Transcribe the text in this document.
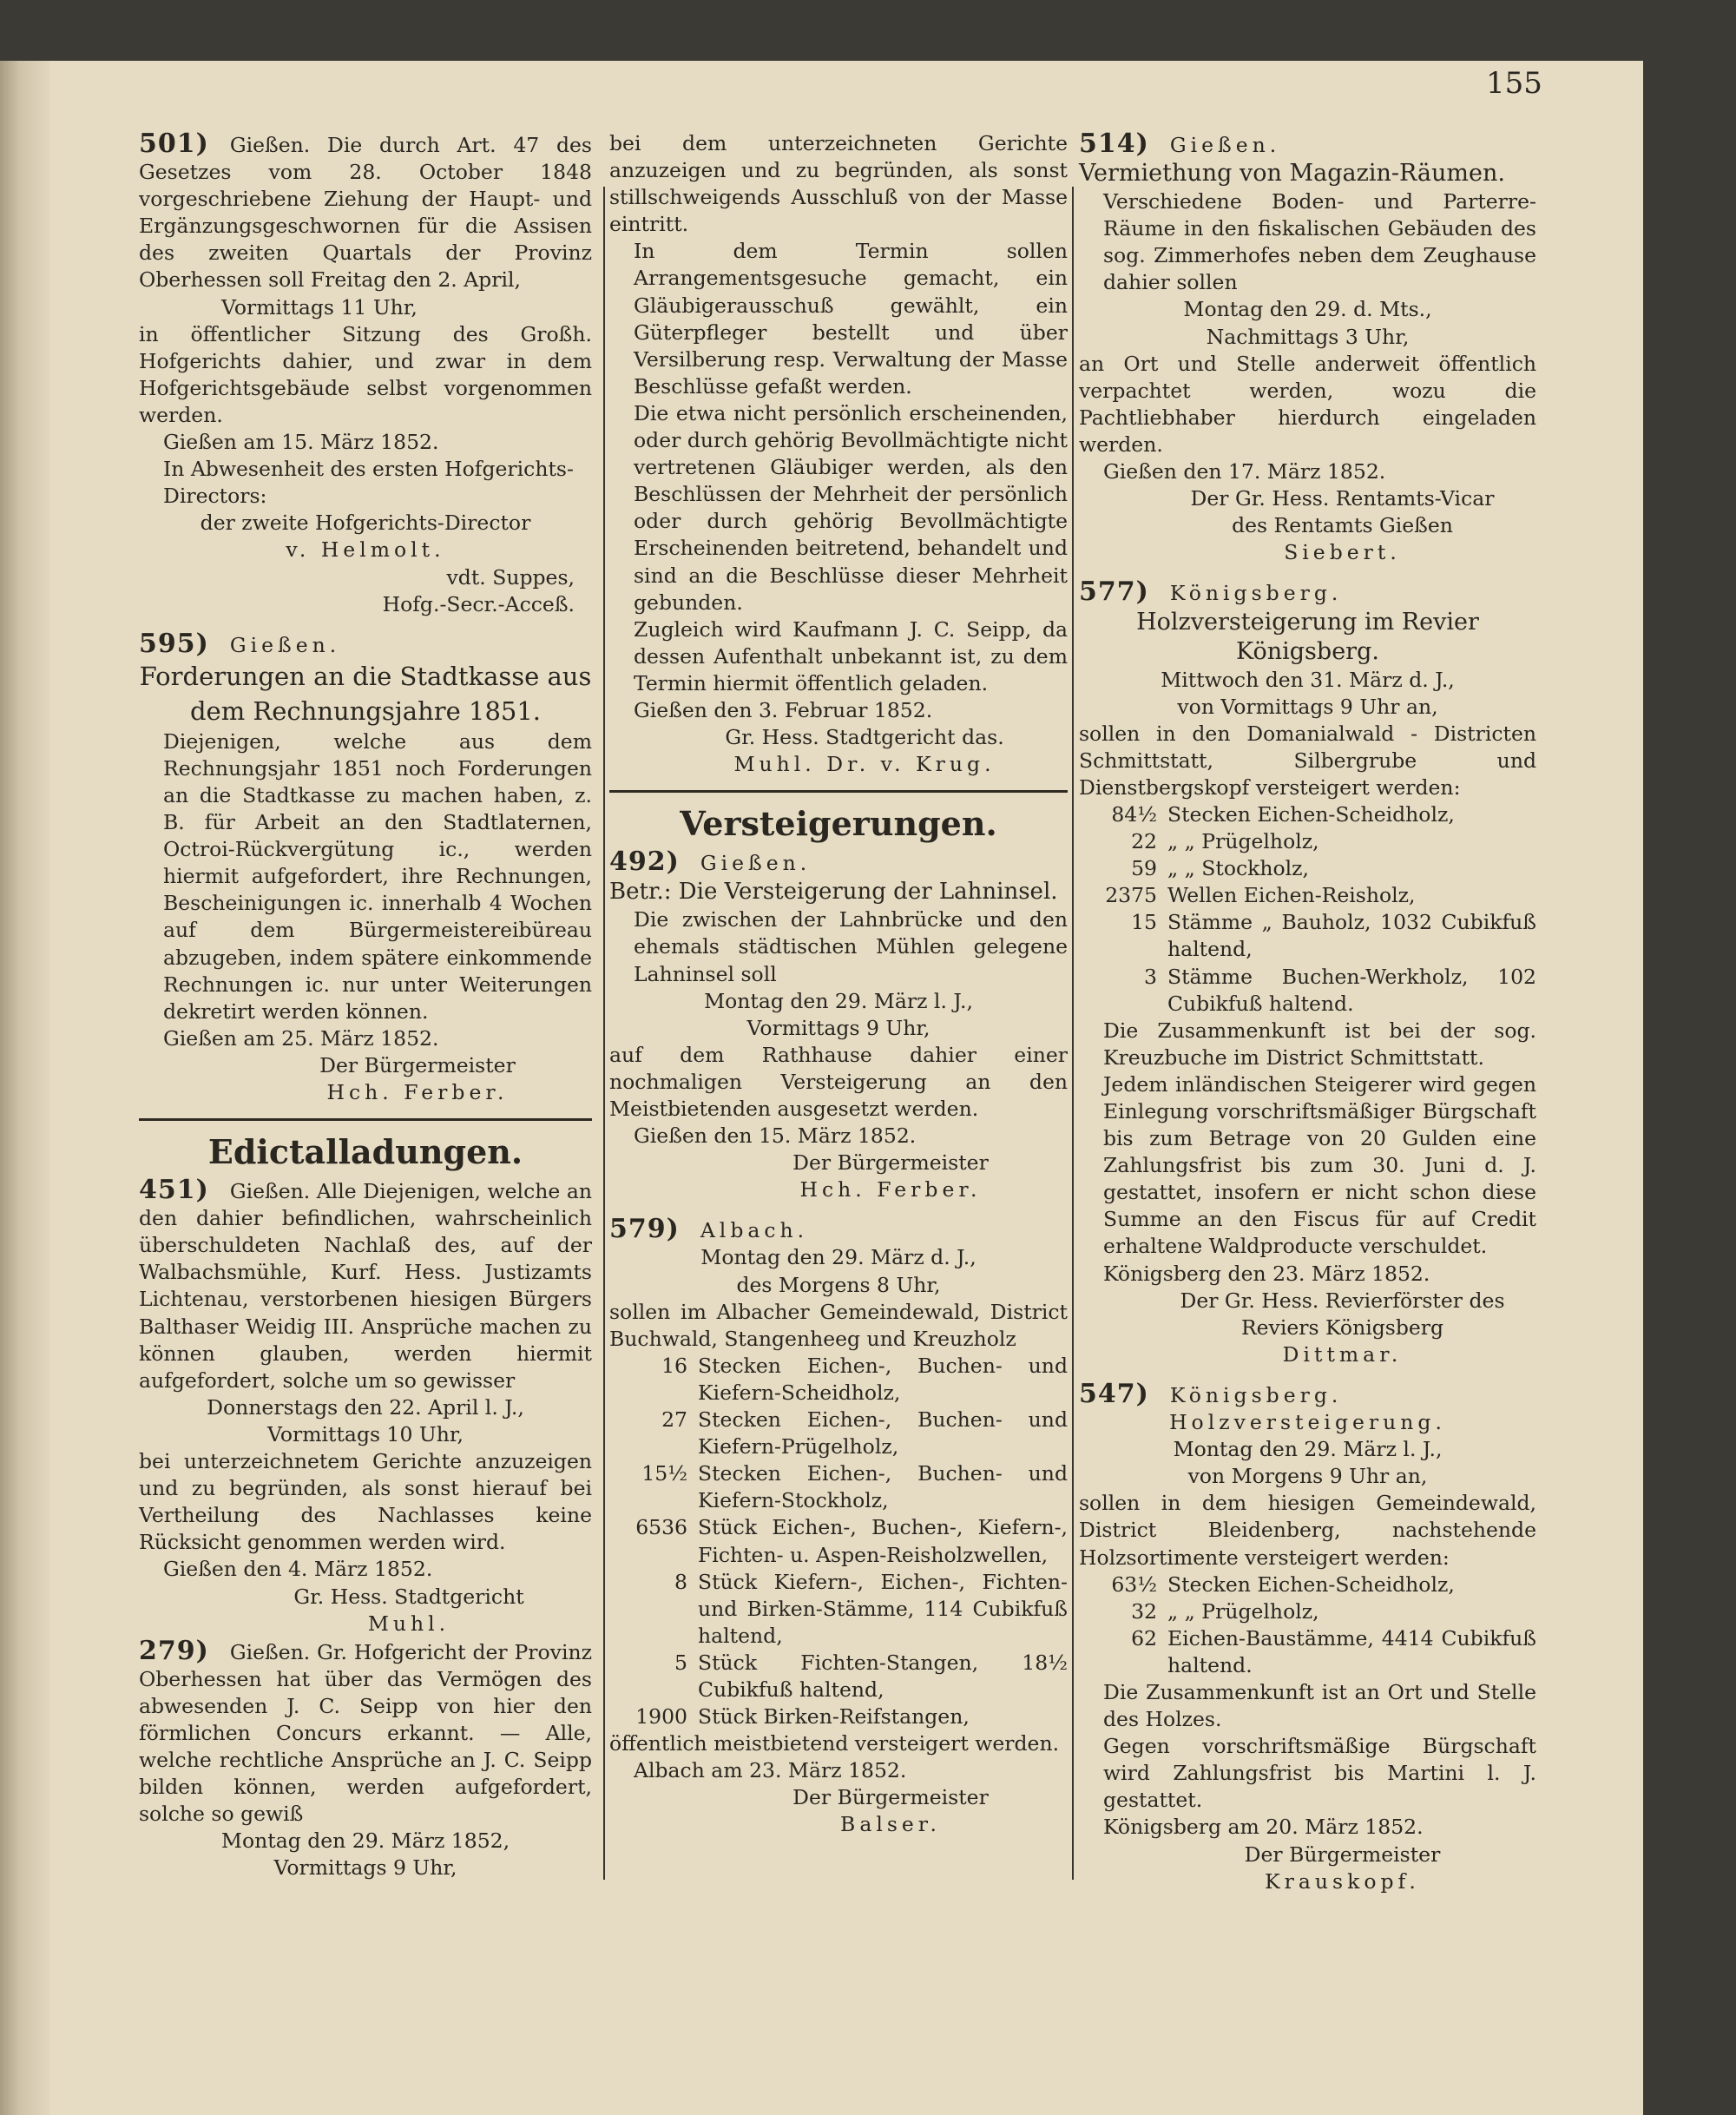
155

501) Gießen. Die durch Art. 47 des Gesetzes vom 28. October 1848 vorgeschriebene Ziehung der Haupt- und Ergänzungsgeschwornen für die Assisen des zweiten Quartals der Provinz Oberhessen soll Freitag den 2. April,

Vormittags 11 Uhr,

in öffentlicher Sitzung des Großh. Hofgerichts dahier, und zwar in dem Hofgerichtsgebäude selbst vorgenommen werden.

Gießen am 15. März 1852.

In Abwesenheit des ersten Hofgerichts-Directors:

der zweite Hofgerichts-Director

v. Helmolt.

vdt. Suppes,

Hofg.-Secr.-Acceß.

595) Gießen.

Forderungen an die Stadtkasse aus dem Rechnungsjahre 1851.

Diejenigen, welche aus dem Rechnungsjahr 1851 noch Forderungen an die Stadtkasse zu machen haben, z. B. für Arbeit an den Stadtlaternen, Octroi-Rückvergütung ic., werden hiermit aufgefordert, ihre Rechnungen, Bescheinigungen ic. innerhalb 4 Wochen auf dem Bürgermeistereibüreau abzugeben, indem spätere einkommende Rechnungen ic. nur unter Weiterungen dekretirt werden können.

Gießen am 25. März 1852.

Der Bürgermeister

Hch. Ferber.

Edictalladungen.

451) Gießen. Alle Diejenigen, welche an den dahier befindlichen, wahrscheinlich überschuldeten Nachlaß des, auf der Walbachsmühle, Kurf. Hess. Justizamts Lichtenau, verstorbenen hiesigen Bürgers Balthaser Weidig III. Ansprüche machen zu können glauben, werden hiermit aufgefordert, solche um so gewisser

Donnerstags den 22. April l. J.,

Vormittags 10 Uhr,

bei unterzeichnetem Gerichte anzuzeigen und zu begründen, als sonst hierauf bei Vertheilung des Nachlasses keine Rücksicht genommen werden wird.

Gießen den 4. März 1852.

Gr. Hess. Stadtgericht

Muhl.

279) Gießen. Gr. Hofgericht der Provinz Oberhessen hat über das Vermögen des abwesenden J. C. Seipp von hier den förmlichen Concurs erkannt. — Alle, welche rechtliche Ansprüche an J. C. Seipp bilden können, werden aufgefordert, solche so gewiß

Montag den 29. März 1852,

Vormittags 9 Uhr,

bei dem unterzeichneten Gerichte anzuzeigen und zu begründen, als sonst stillschweigends Ausschluß von der Masse eintritt.

In dem Termin sollen Arrangementsgesuche gemacht, ein Gläubigerausschuß gewählt, ein Güterpfleger bestellt und über Versilberung resp. Verwaltung der Masse Beschlüsse gefaßt werden.

Die etwa nicht persönlich erscheinenden, oder durch gehörig Bevollmächtigte nicht vertretenen Gläubiger werden, als den Beschlüssen der Mehrheit der persönlich oder durch gehörig Bevollmächtigte Erscheinenden beitretend, behandelt und sind an die Beschlüsse dieser Mehrheit gebunden.

Zugleich wird Kaufmann J. C. Seipp, da dessen Aufenthalt unbekannt ist, zu dem Termin hiermit öffentlich geladen.

Gießen den 3. Februar 1852.

Gr. Hess. Stadtgericht das.

Muhl. Dr. v. Krug.

Versteigerungen.

492) Gießen.

Betr.: Die Versteigerung der Lahninsel.

Die zwischen der Lahnbrücke und den ehemals städtischen Mühlen gelegene Lahninsel soll

Montag den 29. März l. J.,

Vormittags 9 Uhr,

auf dem Rathhause dahier einer nochmaligen Versteigerung an den Meistbietenden ausgesetzt werden.

Gießen den 15. März 1852.

Der Bürgermeister

Hch. Ferber.

579) Albach.

Montag den 29. März d. J.,

des Morgens 8 Uhr,

sollen im Albacher Gemeindewald, District Buchwald, Stangenheeg und Kreuzholz

16 Stecken Eichen-, Buchen- und Kiefern-Scheidholz,
27 Stecken Eichen-, Buchen- und Kiefern-Prügelholz,
15½ Stecken Eichen-, Buchen- und Kiefern-Stockholz,
6536 Stück Eichen-, Buchen-, Kiefern-, Fichten- u. Aspen-Reisholzwellen,
8 Stück Kiefern-, Eichen-, Fichten- und Birken-Stämme, 114 Cubikfuß haltend,
5 Stück Fichten-Stangen, 18½ Cubikfuß haltend,
1900 Stück Birken-Reifstangen,

öffentlich meistbietend versteigert werden.

Albach am 23. März 1852.

Der Bürgermeister

Balser.

514) Gießen.

Vermiethung von Magazin-Räumen.

Verschiedene Boden- und Parterre-Räume in den fiskalischen Gebäuden des sog. Zimmerhofes neben dem Zeughause dahier sollen

Montag den 29. d. Mts.,

Nachmittags 3 Uhr,

an Ort und Stelle anderweit öffentlich verpachtet werden, wozu die Pachtliebhaber hierdurch eingeladen werden.

Gießen den 17. März 1852.

Der Gr. Hess. Rentamts-Vicar

des Rentamts Gießen

Siebert.

577) Königsberg.

Holzversteigerung im Revier Königsberg.

Mittwoch den 31. März d. J.,

von Vormittags 9 Uhr an,

sollen in den Domanialwald - Districten Schmittstatt, Silbergrube und Dienstbergskopf versteigert werden:

84½ Stecken Eichen-Scheidholz,
22 „ „ Prügelholz,
59 „ „ Stockholz,
2375 Wellen Eichen-Reisholz,
15 Stämme „ Bauholz, 1032 Cubikfuß haltend,
3 Stämme Buchen-Werkholz, 102 Cubikfuß haltend.

Die Zusammenkunft ist bei der sog. Kreuzbuche im District Schmittstatt.

Jedem inländischen Steigerer wird gegen Einlegung vorschriftsmäßiger Bürgschaft bis zum Betrage von 20 Gulden eine Zahlungsfrist bis zum 30. Juni d. J. gestattet, insofern er nicht schon diese Summe an den Fiscus für auf Credit erhaltene Waldproducte verschuldet.

Königsberg den 23. März 1852.

Der Gr. Hess. Revierförster des

Reviers Königsberg

Dittmar.

547) Königsberg.

Holzversteigerung.

Montag den 29. März l. J.,

von Morgens 9 Uhr an,

sollen in dem hiesigen Gemeindewald, District Bleidenberg, nachstehende Holzsortimente versteigert werden:

63½ Stecken Eichen-Scheidholz,
32 „ „ Prügelholz,
62 Eichen-Baustämme, 4414 Cubikfuß haltend.

Die Zusammenkunft ist an Ort und Stelle des Holzes.

Gegen vorschriftsmäßige Bürgschaft wird Zahlungsfrist bis Martini l. J. gestattet.

Königsberg am 20. März 1852.

Der Bürgermeister

Krauskopf.
